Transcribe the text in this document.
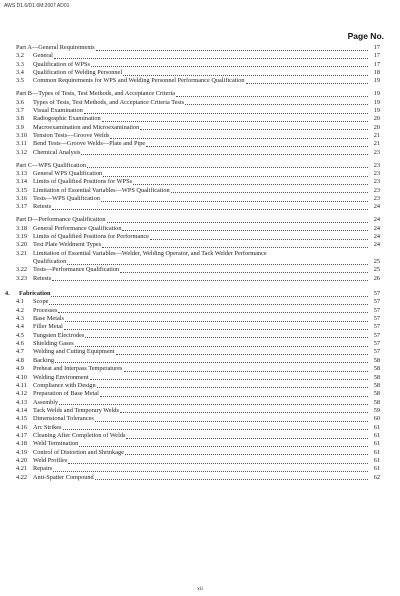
AWS D1.6/D1.6M:2007 AD01
Page No.
Part A—General Requirements	17
3.2	General	17
3.3	Qualification of WPSs	17
3.4	Qualification of Welding Personnel	18
3.5	Common Requirements for WPS and Welding Personnel Performance Qualification	19
Part B—Types of Tests, Test Methods, and Acceptance Criteria	19
3.6	Types of Tests, Test Methods, and Acceptance Criteria Tests	19
3.7	Visual Examination	19
3.8	Radiographic Examination	20
3.9	Macroexamination and Microexamination	20
3.10 Tension Tests—Groove Welds	21
3.11 Bend Tests—Groove Welds—Plate and Pipe	21
3.12 Chemical Analysis	23
Part C—WPS Qualification	23
3.13 General WPS Qualification	23
3.14 Limits of Qualified Positions for WPSs	23
3.15 Limitation of Essential Variables—WPS Qualification	23
3.16 Tests—WPS Qualification	23
3.17 Retests	24
Part D—Performance Qualification	24
3.18 General Performance Qualification	24
3.19 Limits of Qualified Positions for Performance	24
3.20 Test Plate Weldment Types	24
3.21 Limitation of Essential Variables—Welder, Welding Operator, and Tack Welder Performance
Qualification	25
3.22 Tests—Performance Qualification	25
3.23 Retests	26
4.	Fabrication	57
4.1	Scope	57
4.2	Processes	57
4.3	Base Metals	57
4.4	Filler Metal	57
4.5	Tungsten Electrodes	57
4.6	Shielding Gases	57
4.7	Welding and Cutting Equipment	57
4.8	Backing	58
4.9	Preheat and Interpass Temperatures	58
4.10 Welding Environment	58
4.11 Compliance with Design	58
4.12 Preparation of Base Metal	58
4.13 Assembly	58
4.14 Tack Welds and Temporary Welds	59
4.15 Dimensional Tolerances	60
4.16 Arc Strikes	61
4.17 Cleaning After Completion of Welds	61
4.18 Weld Termination	61
4.19 Control of Distortion and Shrinkage	61
4.20 Weld Profiles	61
4.21 Repairs	61
4.22 Anti-Spatter Compound	62
xii
